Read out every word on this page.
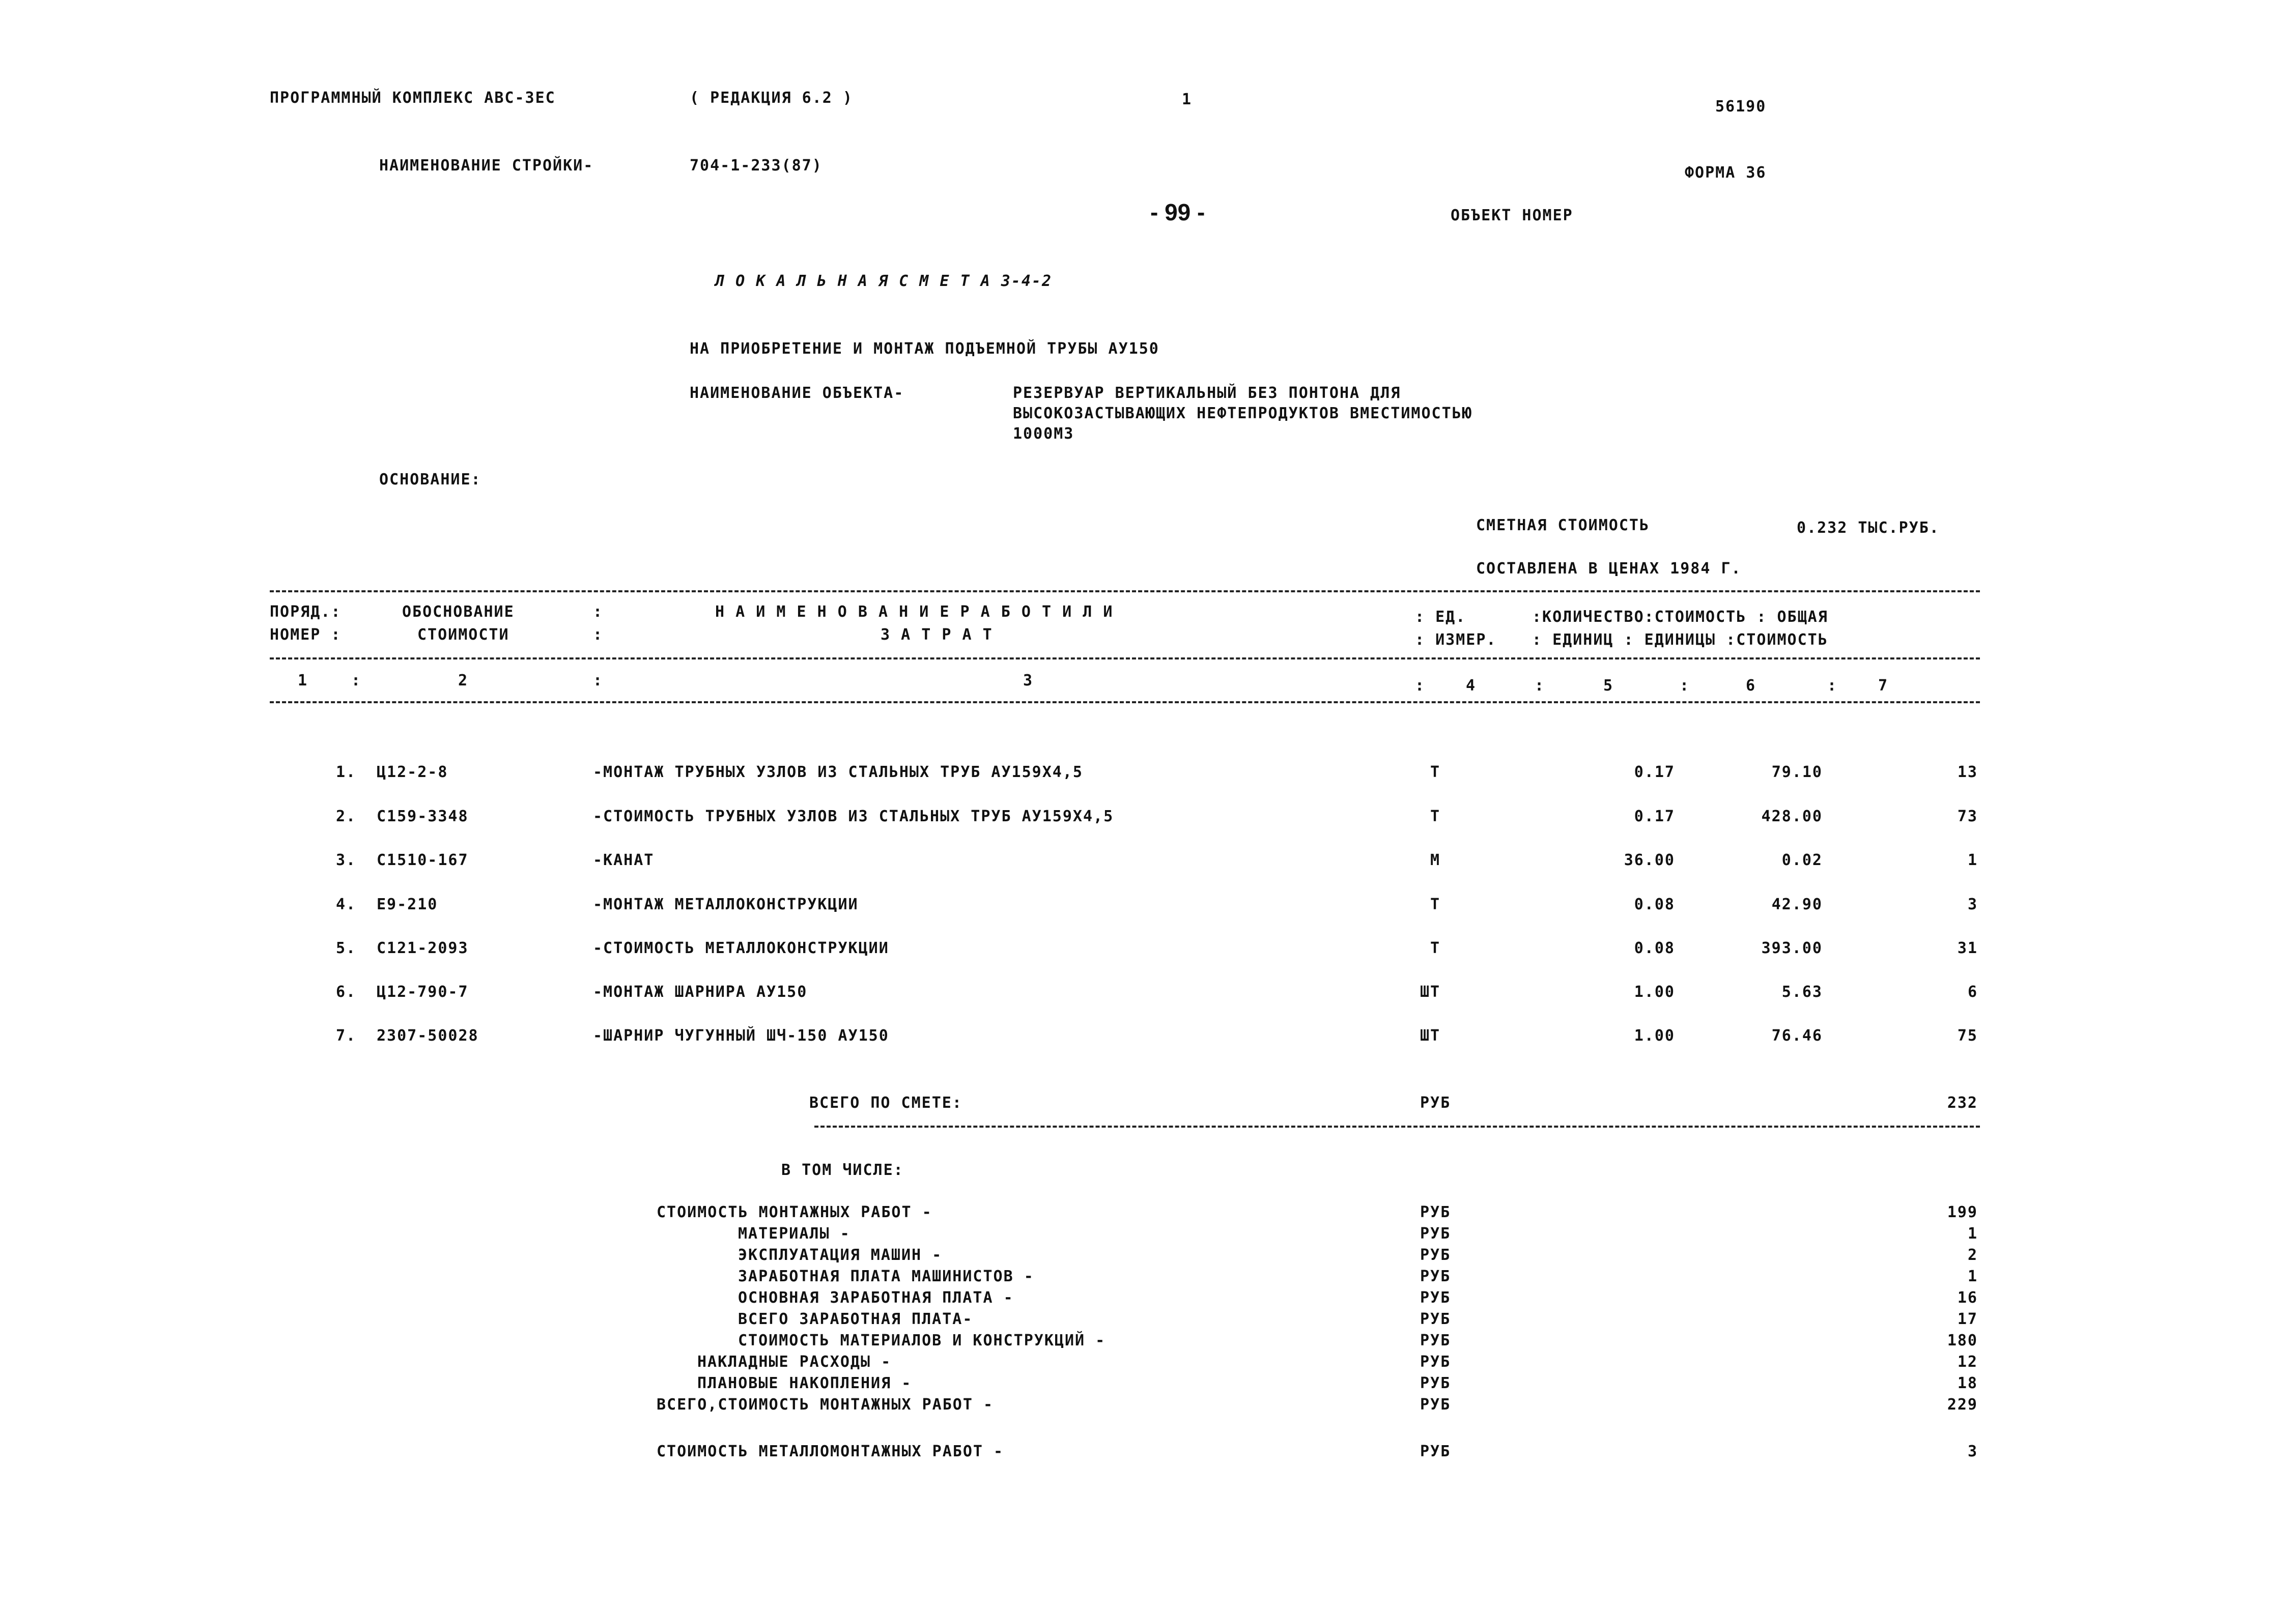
ПРОГРАММНЫЙ КОМПЛЕКС АВС-3ЕС	( РЕДАКЦИЯ 6.2 )	1	56190
НАИМЕНОВАНИЕ СТРОЙКИ-	704-1-233(87)	ФОРМА 36
- 99 -	ОБЪЕКТ НОМЕР
Л О К А Л Ь Н А Я С М Е Т А 3-4-2
НА ПРИОБРЕТЕНИЕ И МОНТАЖ ПОДЪЕМНОЙ ТРУБЫ АУ150
НАИМЕНОВАНИЕ ОБЪЕКТА-	РЕЗЕРВУАР ВЕРТИКАЛЬНЫЙ БЕЗ ПОНТОНА ДЛЯ
ВЫСОКОЗАСТЫВАЮЩИХ НЕФТЕПРОДУКТОВ ВМЕСТИМОСТЬЮ
1000М3
ОСНОВАНИЕ:
СМЕТНАЯ СТОИМОСТЬ	0.232 ТЫС.РУБ.
СОСТАВЛЕНА В ЦЕНАХ 1984 Г.
ПОРЯД.:	ОБОСНОВАНИЕ	:	Н А И М Е Н О В А Н И Е Р А Б О Т И Л И	: ЕД.	:КОЛИЧЕСТВО:СТОИМОСТЬ : ОБЩАЯ
НОМЕР :	СТОИМОСТИ	:	З А Т Р А Т	: ИЗМЕР. : ЕДИНИЦ : ЕДИНИЦЫ :СТОИМОСТЬ
1	:	2	:	3	:	4	:	5	:	6	:	7
1. Ц12-2-8	-МОНТАЖ ТРУБНЫХ УЗЛОВ ИЗ СТАЛЬНЫХ ТРУБ АУ159Х4,5	Т	0.17	79.10	13
2. С159-3348	-СТОИМОСТЬ ТРУБНЫХ УЗЛОВ ИЗ СТАЛЬНЫХ ТРУБ АУ159Х4,5	Т	0.17	428.00	73
3. С1510-167	-КАНАТ	М	36.00	0.02	1
4. Е9-210	-МОНТАЖ МЕТАЛЛОКОНСТРУКЦИИ	Т	0.08	42.90	3
5. С121-2093	-СТОИМОСТЬ МЕТАЛЛОКОНСТРУКЦИИ	Т	0.08	393.00	31
6. Ц12-790-7	-МОНТАЖ ШАРНИРА АУ150	ШТ	1.00	5.63	6
7. 2307-50028	-ШАРНИР ЧУГУННЫЙ ШЧ-150 АУ150	ШТ	1.00	76.46	75
ВСЕГО ПО СМЕТЕ:	РУБ	232
В ТОМ ЧИСЛЕ:
СТОИМОСТЬ МОНТАЖНЫХ РАБОТ -	РУБ	199
МАТЕРИАЛЫ -	РУБ	1
ЭКСПЛУАТАЦИЯ МАШИН -	РУБ	2
ЗАРАБОТНАЯ ПЛАТА МАШИНИСТОВ -	РУБ	1
ОСНОВНАЯ ЗАРАБОТНАЯ ПЛАТА -	РУБ	16
ВСЕГО ЗАРАБОТНАЯ ПЛАТА-	РУБ	17
СТОИМОСТЬ МАТЕРИАЛОВ И КОНСТРУКЦИЙ -	РУБ	180
НАКЛАДНЫЕ РАСХОДЫ -	РУБ	12
ПЛАНОВЫЕ НАКОПЛЕНИЯ -	РУБ	18
ВСЕГО,СТОИМОСТЬ МОНТАЖНЫХ РАБОТ -	РУБ	229
СТОИМОСТЬ МЕТАЛЛОМОНТАЖНЫХ РАБОТ -	РУБ	3
